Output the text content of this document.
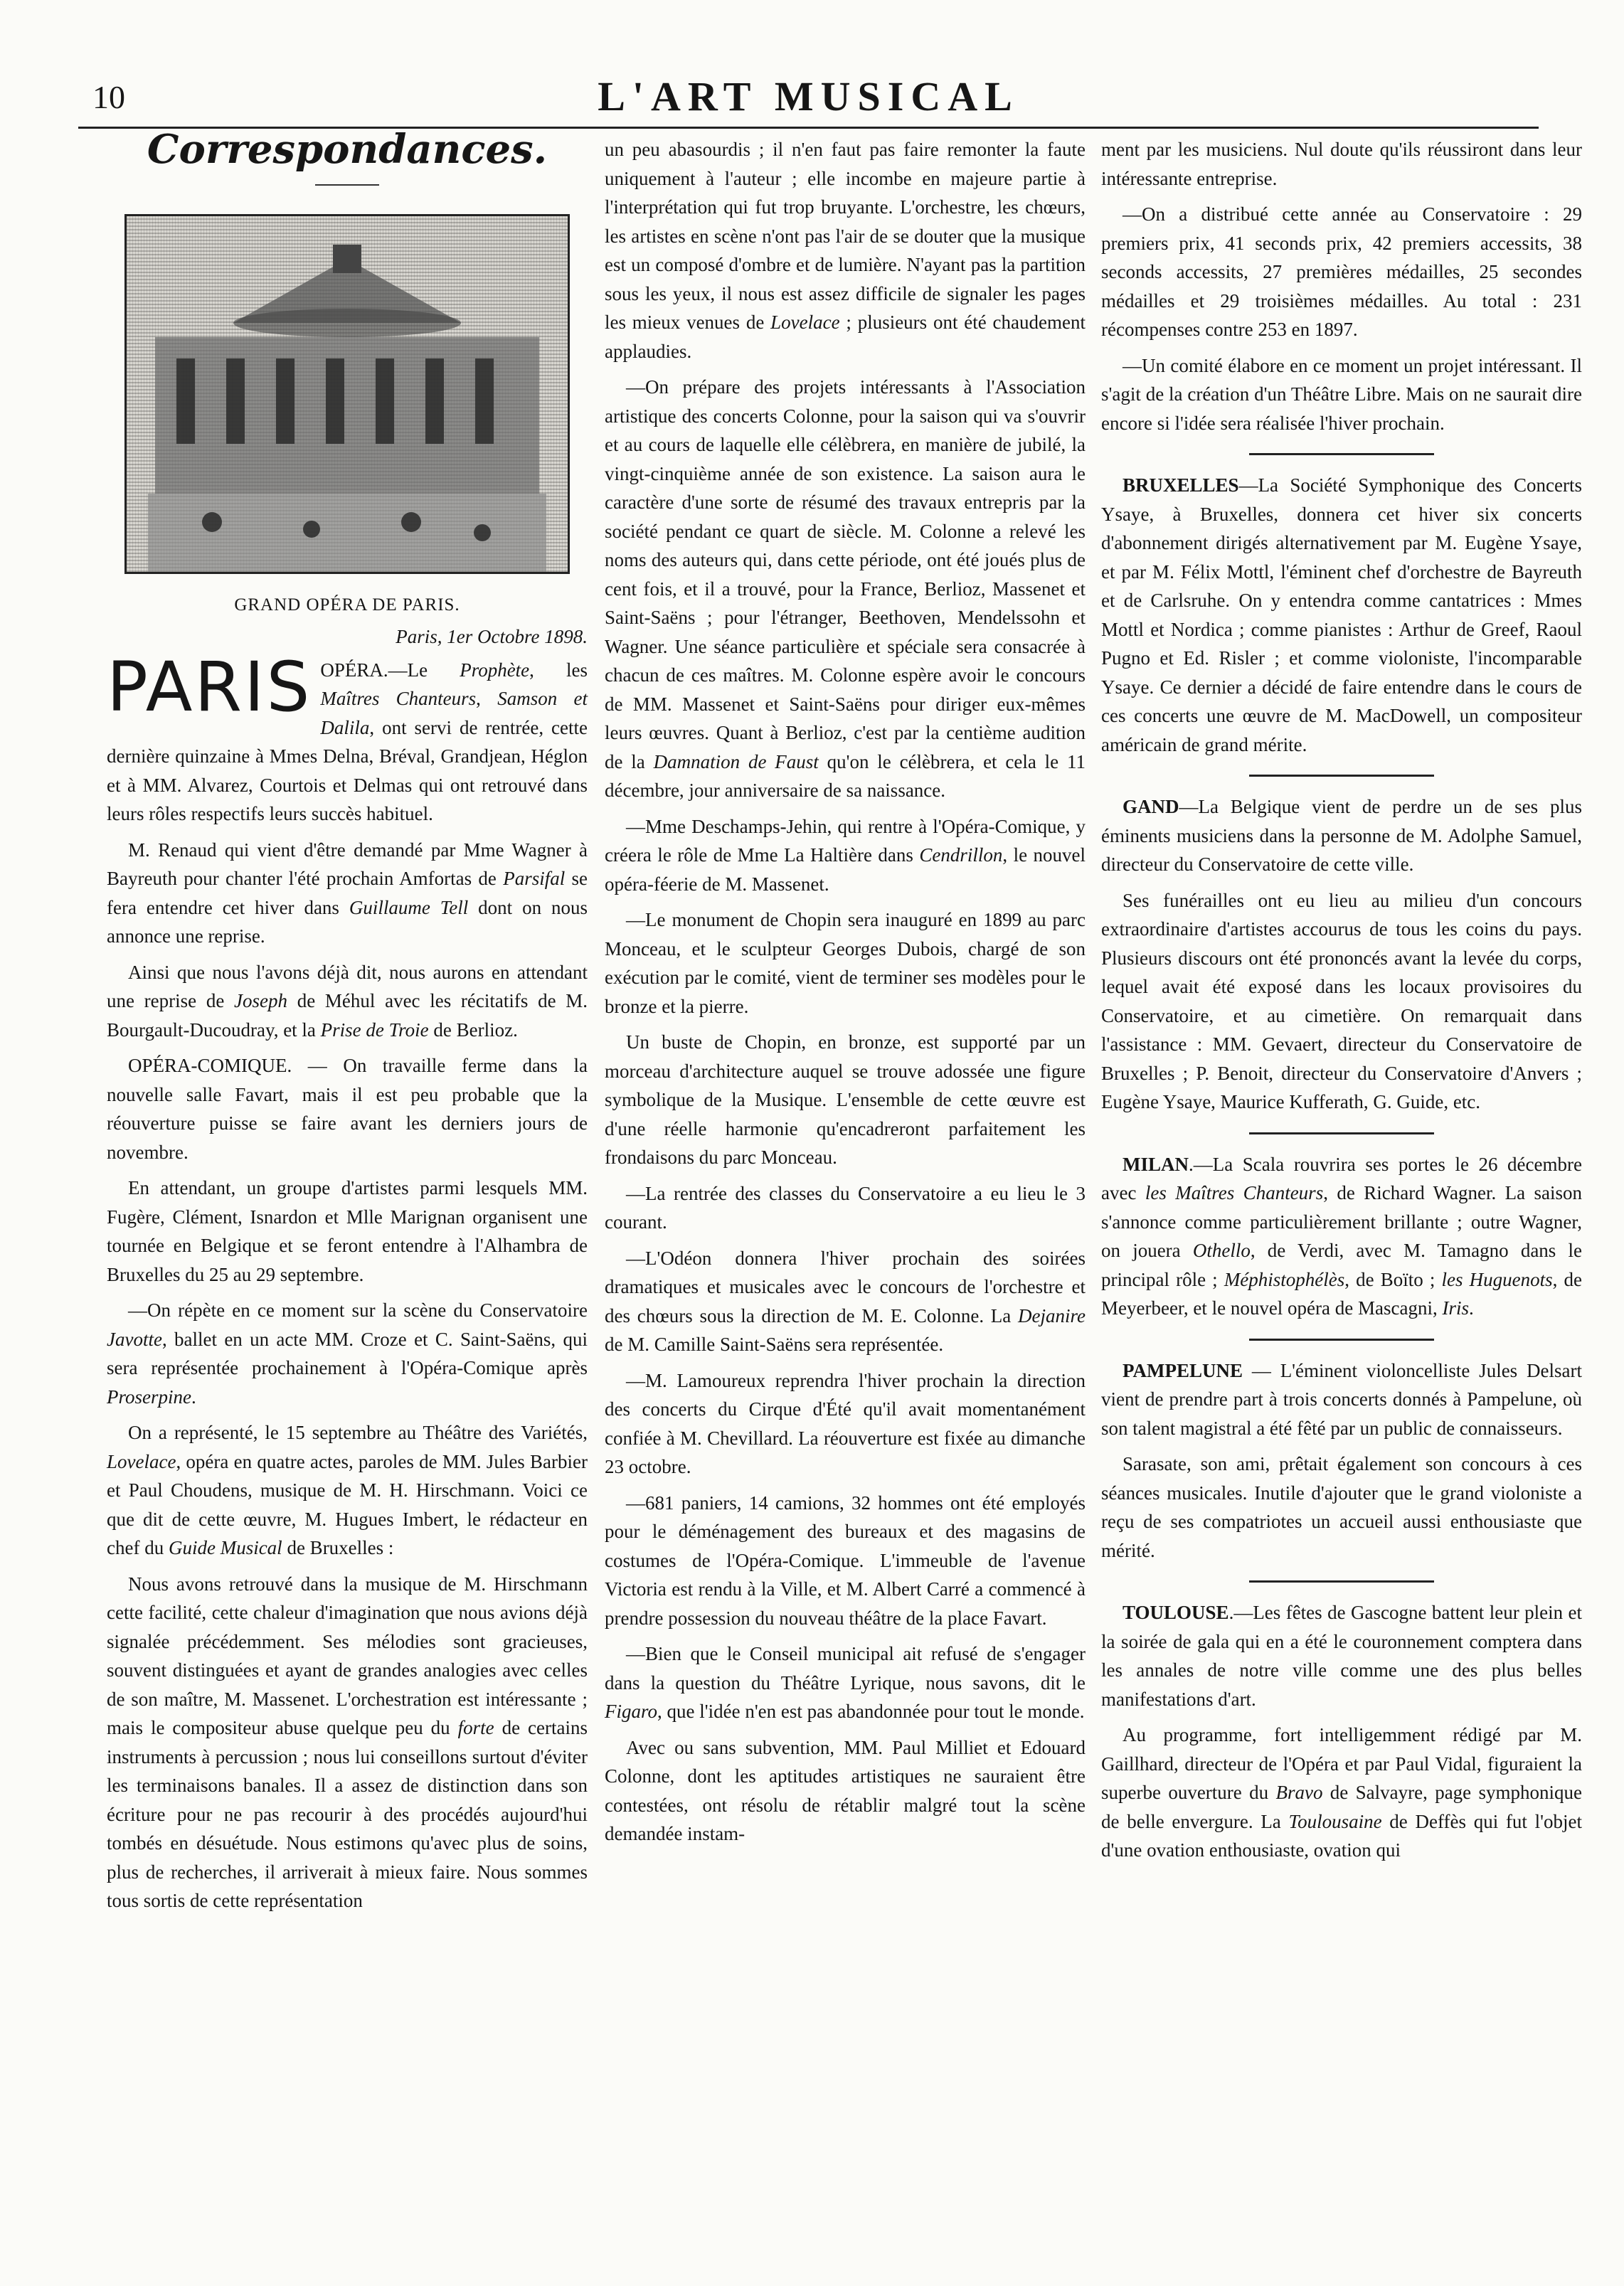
10	L'ART MUSICAL
Correspondances.
GRAND OPÉRA DE PARIS.
Paris, 1er Octobre 1898.

PARIS OPÉRA.—Le Prophète, les Maîtres Chanteurs, Samson et Dalila, ont servi de rentrée, cette dernière quinzaine à Mmes Delna, Bréval, Grandjean, Héglon et à MM. Alvarez, Courtois et Delmas qui ont retrouvé dans leurs rôles respectifs leurs succès habituel.

M. Renaud qui vient d'être demandé par Mme Wagner à Bayreuth pour chanter l'été prochain Amfortas de Parsifal se fera entendre cet hiver dans Guillaume Tell dont on nous annonce une reprise.

Ainsi que nous l'avons déjà dit, nous aurons en attendant une reprise de Joseph de Méhul avec les récitatifs de M. Bourgault-Ducoudray, et la Prise de Troie de Berlioz.

OPÉRA-COMIQUE. — On travaille ferme dans la nouvelle salle Favart, mais il est peu probable que la réouverture puisse se faire avant les derniers jours de novembre.

En attendant, un groupe d'artistes parmi lesquels MM. Fugère, Clément, Isnardon et Mlle Marignan organisent une tournée en Belgique et se feront entendre à l'Alhambra de Bruxelles du 25 au 29 septembre.

—On répète en ce moment sur la scène du Conservatoire Javotte, ballet en un acte MM. Croze et C. Saint-Saëns, qui sera représentée prochainement à l'Opéra-Comique après Proserpine.

On a représenté, le 15 septembre au Théâtre des Variétés, Lovelace, opéra en quatre actes, paroles de MM. Jules Barbier et Paul Choudens, musique de M. H. Hirschmann. Voici ce que dit de cette œuvre, M. Hugues Imbert, le rédacteur en chef du Guide Musical de Bruxelles :

Nous avons retrouvé dans la musique de M. Hirschmann cette facilité, cette chaleur d'imagination que nous avions déjà signalée précédemment. Ses mélodies sont gracieuses, souvent distinguées et ayant de grandes analogies avec celles de son maître, M. Massenet. L'orchestration est intéressante ; mais le compositeur abuse quelque peu du forte de certains instruments à percussion ; nous lui conseillons surtout d'éviter les terminaisons banales. Il a assez de distinction dans son écriture pour ne pas recourir à des procédés aujourd'hui tombés en désuétude. Nous estimons qu'avec plus de soins, plus de recherches, il arriverait à mieux faire. Nous sommes tous sortis de cette représentation

un peu abasourdis ; il n'en faut pas faire remonter la faute uniquement à l'auteur ; elle incombe en majeure partie à l'interprétation qui fut trop bruyante. L'orchestre, les chœurs, les artistes en scène n'ont pas l'air de se douter que la musique est un composé d'ombre et de lumière. N'ayant pas la partition sous les yeux, il nous est assez difficile de signaler les pages les mieux venues de Lovelace ; plusieurs ont été chaudement applaudies.

—On prépare des projets intéressants à l'Association artistique des concerts Colonne, pour la saison qui va s'ouvrir et au cours de laquelle elle célèbrera, en manière de jubilé, la vingt-cinquième année de son existence. La saison aura le caractère d'une sorte de résumé des travaux entrepris par la société pendant ce quart de siècle. M. Colonne a relevé les noms des auteurs qui, dans cette période, ont été joués plus de cent fois, et il a trouvé, pour la France, Berlioz, Massenet et Saint-Saëns ; pour l'étranger, Beethoven, Mendelssohn et Wagner. Une séance particulière et spéciale sera consacrée à chacun de ces maîtres. M. Colonne espère avoir le concours de MM. Massenet et Saint-Saëns pour diriger eux-mêmes leurs œuvres. Quant à Berlioz, c'est par la centième audition de la Damnation de Faust qu'on le célèbrera, et cela le 11 décembre, jour anniversaire de sa naissance.

—Mme Deschamps-Jehin, qui rentre à l'Opéra-Comique, y créera le rôle de Mme La Haltière dans Cendrillon, le nouvel opéra-féerie de M. Massenet.

—Le monument de Chopin sera inauguré en 1899 au parc Monceau, et le sculpteur Georges Dubois, chargé de son exécution par le comité, vient de terminer ses modèles pour le bronze et la pierre.

Un buste de Chopin, en bronze, est supporté par un morceau d'architecture auquel se trouve adossée une figure symbolique de la Musique. L'ensemble de cette œuvre est d'une réelle harmonie qu'encadreront parfaitement les frondaisons du parc Monceau.

—La rentrée des classes du Conservatoire a eu lieu le 3 courant.

—L'Odéon donnera l'hiver prochain des soirées dramatiques et musicales avec le concours de l'orchestre et des chœurs sous la direction de M. E. Colonne. La Dejanire de M. Camille Saint-Saëns sera représentée.

—M. Lamoureux reprendra l'hiver prochain la direction des concerts du Cirque d'Été qu'il avait momentanément confiée à M. Chevillard. La réouverture est fixée au dimanche 23 octobre.

—681 paniers, 14 camions, 32 hommes ont été employés pour le déménagement des bureaux et des magasins de costumes de l'Opéra-Comique. L'immeuble de l'avenue Victoria est rendu à la Ville, et M. Albert Carré a commencé à prendre possession du nouveau théâtre de la place Favart.

—Bien que le Conseil municipal ait refusé de s'engager dans la question du Théâtre Lyrique, nous savons, dit le Figaro, que l'idée n'en est pas abandonnée pour tout le monde.

Avec ou sans subvention, MM. Paul Milliet et Edouard Colonne, dont les aptitudes artistiques ne sauraient être contestées, ont résolu de rétablir malgré tout la scène demandée instam-

ment par les musiciens. Nul doute qu'ils réussiront dans leur intéressante entreprise.

—On a distribué cette année au Conservatoire : 29 premiers prix, 41 seconds prix, 42 premiers accessits, 38 seconds accessits, 27 premières médailles, 25 secondes médailles et 29 troisièmes médailles. Au total : 231 récompenses contre 253 en 1897.

—Un comité élabore en ce moment un projet intéressant. Il s'agit de la création d'un Théâtre Libre. Mais on ne saurait dire encore si l'idée sera réalisée l'hiver prochain.

BRUXELLES—La Société Symphonique des Concerts Ysaye, à Bruxelles, donnera cet hiver six concerts d'abonnement dirigés alternativement par M. Eugène Ysaye, et par M. Félix Mottl, l'éminent chef d'orchestre de Bayreuth et de Carlsruhe. On y entendra comme cantatrices : Mmes Mottl et Nordica ; comme pianistes : Arthur de Greef, Raoul Pugno et Ed. Risler ; et comme violoniste, l'incomparable Ysaye. Ce dernier a décidé de faire entendre dans le cours de ces concerts une œuvre de M. MacDowell, un compositeur américain de grand mérite.

GAND—La Belgique vient de perdre un de ses plus éminents musiciens dans la personne de M. Adolphe Samuel, directeur du Conservatoire de cette ville.

Ses funérailles ont eu lieu au milieu d'un concours extraordinaire d'artistes accourus de tous les coins du pays. Plusieurs discours ont été prononcés avant la levée du corps, lequel avait été exposé dans les locaux provisoires du Conservatoire, et au cimetière. On remarquait dans l'assistance : MM. Gevaert, directeur du Conservatoire de Bruxelles ; P. Benoit, directeur du Conservatoire d'Anvers ; Eugène Ysaye, Maurice Kufferath, G. Guide, etc.

MILAN.—La Scala rouvrira ses portes le 26 décembre avec les Maîtres Chanteurs, de Richard Wagner. La saison s'annonce comme particulièrement brillante ; outre Wagner, on jouera Othello, de Verdi, avec M. Tamagno dans le principal rôle ; Méphistophélès, de Boïto ; les Huguenots, de Meyerbeer, et le nouvel opéra de Mascagni, Iris.

PAMPELUNE — L'éminent violoncelliste Jules Delsart vient de prendre part à trois concerts donnés à Pampelune, où son talent magistral a été fêté par un public de connaisseurs.

Sarasate, son ami, prêtait également son concours à ces séances musicales. Inutile d'ajouter que le grand violoniste a reçu de ses compatriotes un accueil aussi enthousiaste que mérité.

TOULOUSE.—Les fêtes de Gascogne battent leur plein et la soirée de gala qui en a été le couronnement comptera dans les annales de notre ville comme une des plus belles manifestations d'art.

Au programme, fort intelligemment rédigé par M. Gaillhard, directeur de l'Opéra et par Paul Vidal, figuraient la superbe ouverture du Bravo de Salvayre, page symphonique de belle envergure. La Toulousaine de Deffès qui fut l'objet d'une ovation enthousiaste, ovation qui
